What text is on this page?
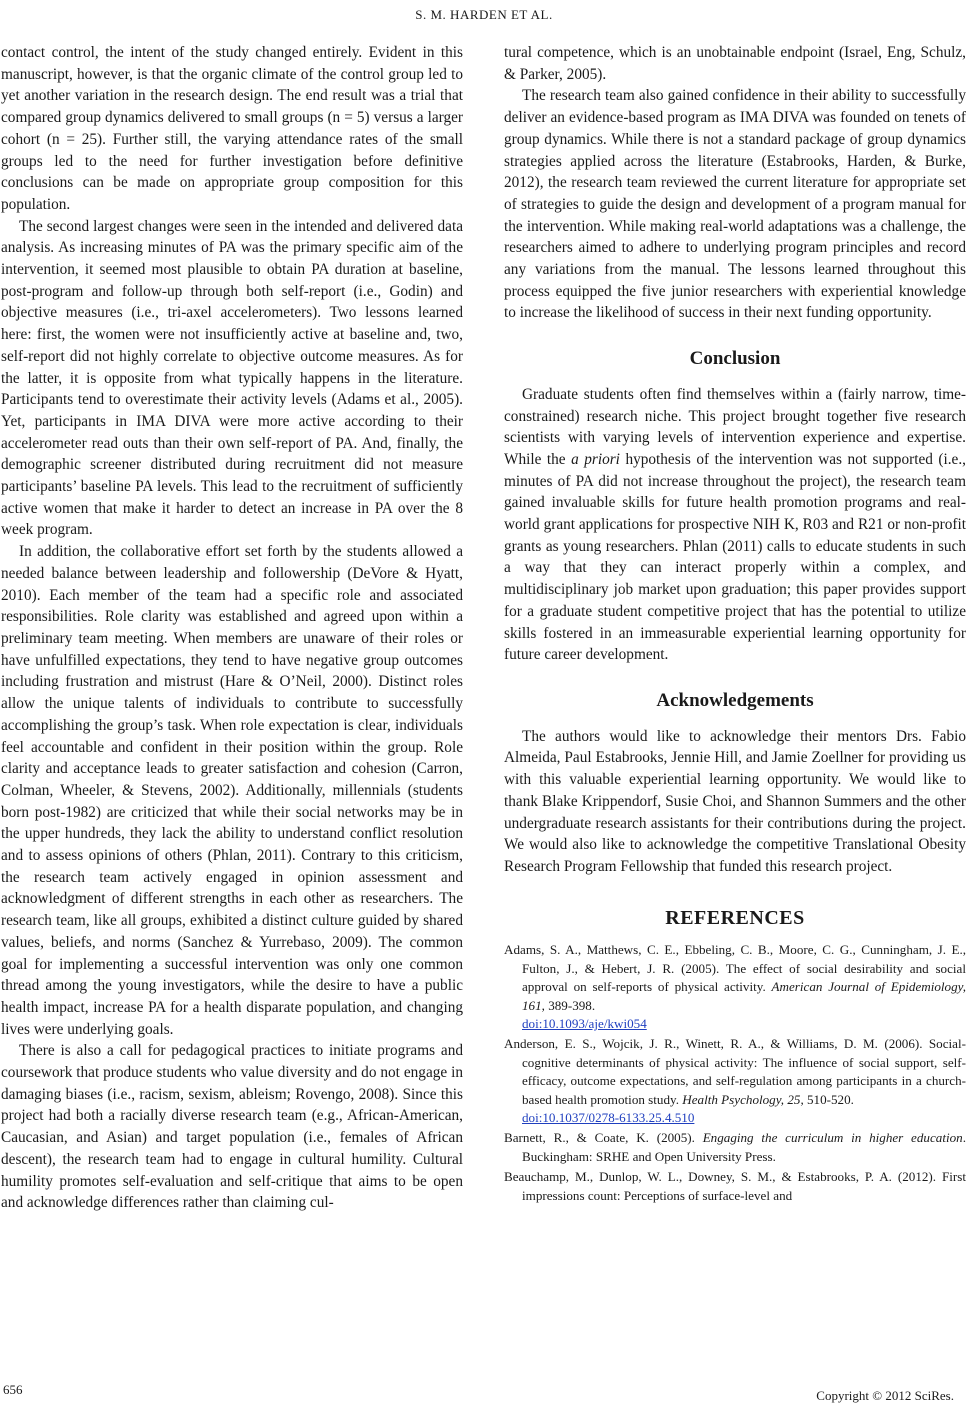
S. M. HARDEN ET AL.

contact control, the intent of the study changed entirely. Evident in this manuscript, however, is that the organic climate of the control group led to yet another variation in the research design. The end result was a trial that compared group dynamics delivered to small groups (n = 5) versus a larger cohort (n = 25). Further still, the varying attendance rates of the small groups led to the need for further investigation before definitive conclusions can be made on appropriate group composition for this population.

The second largest changes were seen in the intended and delivered data analysis. As increasing minutes of PA was the primary specific aim of the intervention, it seemed most plausible to obtain PA duration at baseline, post-program and follow-up through both self-report (i.e., Godin) and objective measures (i.e., tri-axel accelerometers). Two lessons learned here: first, the women were not insufficiently active at baseline and, two, self-report did not highly correlate to objective outcome measures. As for the latter, it is opposite from what typically happens in the literature. Participants tend to overestimate their activity levels (Adams et al., 2005). Yet, participants in IMA DIVA were more active according to their accelerometer read outs than their own self-report of PA. And, finally, the demographic screener distributed during recruitment did not measure participants’ baseline PA levels. This lead to the recruitment of sufficiently active women that make it harder to detect an increase in PA over the 8 week program.

In addition, the collaborative effort set forth by the students allowed a needed balance between leadership and followership (DeVore & Hyatt, 2010). Each member of the team had a specific role and associated responsibilities. Role clarity was established and agreed upon within a preliminary team meeting. When members are unaware of their roles or have unfulfilled expectations, they tend to have negative group outcomes including frustration and mistrust (Hare & O’Neil, 2000). Distinct roles allow the unique talents of individuals to contribute to successfully accomplishing the group’s task. When role expectation is clear, individuals feel accountable and confident in their position within the group. Role clarity and acceptance leads to greater satisfaction and cohesion (Carron, Colman, Wheeler, & Stevens, 2002). Additionally, millennials (students born post-1982) are criticized that while their social networks may be in the upper hundreds, they lack the ability to understand conflict resolution and to assess opinions of others (Phlan, 2011). Contrary to this criticism, the research team actively engaged in opinion assessment and acknowledgment of different strengths in each other as researchers. The research team, like all groups, exhibited a distinct culture guided by shared values, beliefs, and norms (Sanchez & Yurrebaso, 2009). The common goal for implementing a successful intervention was only one common thread among the young investigators, while the desire to have a public health impact, increase PA for a health disparate population, and changing lives were underlying goals.

There is also a call for pedagogical practices to initiate programs and coursework that produce students who value diversity and do not engage in damaging biases (i.e., racism, sexism, ableism; Rovengo, 2008). Since this project had both a racially diverse research team (e.g., African-American, Caucasian, and Asian) and target population (i.e., females of African descent), the research team had to engage in cultural humility. Cultural humility promotes self-evaluation and self-critique that aims to be open and acknowledge differences rather than claiming cul-

tural competence, which is an unobtainable endpoint (Israel, Eng, Schulz, & Parker, 2005).

The research team also gained confidence in their ability to successfully deliver an evidence-based program as IMA DIVA was founded on tenets of group dynamics. While there is not a standard package of group dynamics strategies applied across the literature (Estabrooks, Harden, & Burke, 2012), the research team reviewed the current literature for appropriate set of strategies to guide the design and development of a program manual for the intervention. While making real-world adaptations was a challenge, the researchers aimed to adhere to underlying program principles and record any variations from the manual. The lessons learned throughout this process equipped the five junior researchers with experiential knowledge to increase the likelihood of success in their next funding opportunity.

Conclusion

Graduate students often find themselves within a (fairly narrow, time-constrained) research niche. This project brought together five research scientists with varying levels of intervention experience and expertise. While the a priori hypothesis of the intervention was not supported (i.e., minutes of PA did not increase throughout the project), the research team gained invaluable skills for future health promotion programs and real-world grant applications for prospective NIH K, R03 and R21 or non-profit grants as young researchers. Phlan (2011) calls to educate students in such a way that they can interact properly within a complex, and multidisciplinary job market upon graduation; this paper provides support for a graduate student competitive project that has the potential to utilize skills fostered in an immeasurable experiential learning opportunity for future career development.

Acknowledgements

The authors would like to acknowledge their mentors Drs. Fabio Almeida, Paul Estabrooks, Jennie Hill, and Jamie Zoellner for providing us with this valuable experiential learning opportunity. We would like to thank Blake Krippendorf, Susie Choi, and Shannon Summers and the other undergraduate research assistants for their contributions during the project. We would also like to acknowledge the competitive Translational Obesity Research Program Fellowship that funded this research project.

REFERENCES
Adams, S. A., Matthews, C. E., Ebbeling, C. B., Moore, C. G., Cunningham, J. E., Fulton, J., & Hebert, J. R. (2005). The effect of social desirability and social approval on self-reports of physical activity. American Journal of Epidemiology, 161, 389-398.
doi:10.1093/aje/kwi054
Anderson, E. S., Wojcik, J. R., Winett, R. A., & Williams, D. M. (2006). Social-cognitive determinants of physical activity: The influence of social support, self-efficacy, outcome expectations, and self-regulation among participants in a church-based health promotion study. Health Psychology, 25, 510-520.
doi:10.1037/0278-6133.25.4.510
Barnett, R., & Coate, K. (2005). Engaging the curriculum in higher education. Buckingham: SRHE and Open University Press.
Beauchamp, M., Dunlop, W. L., Downey, S. M., & Estabrooks, P. A. (2012). First impressions count: Perceptions of surface-level and
656	Copyright © 2012 SciRes.
